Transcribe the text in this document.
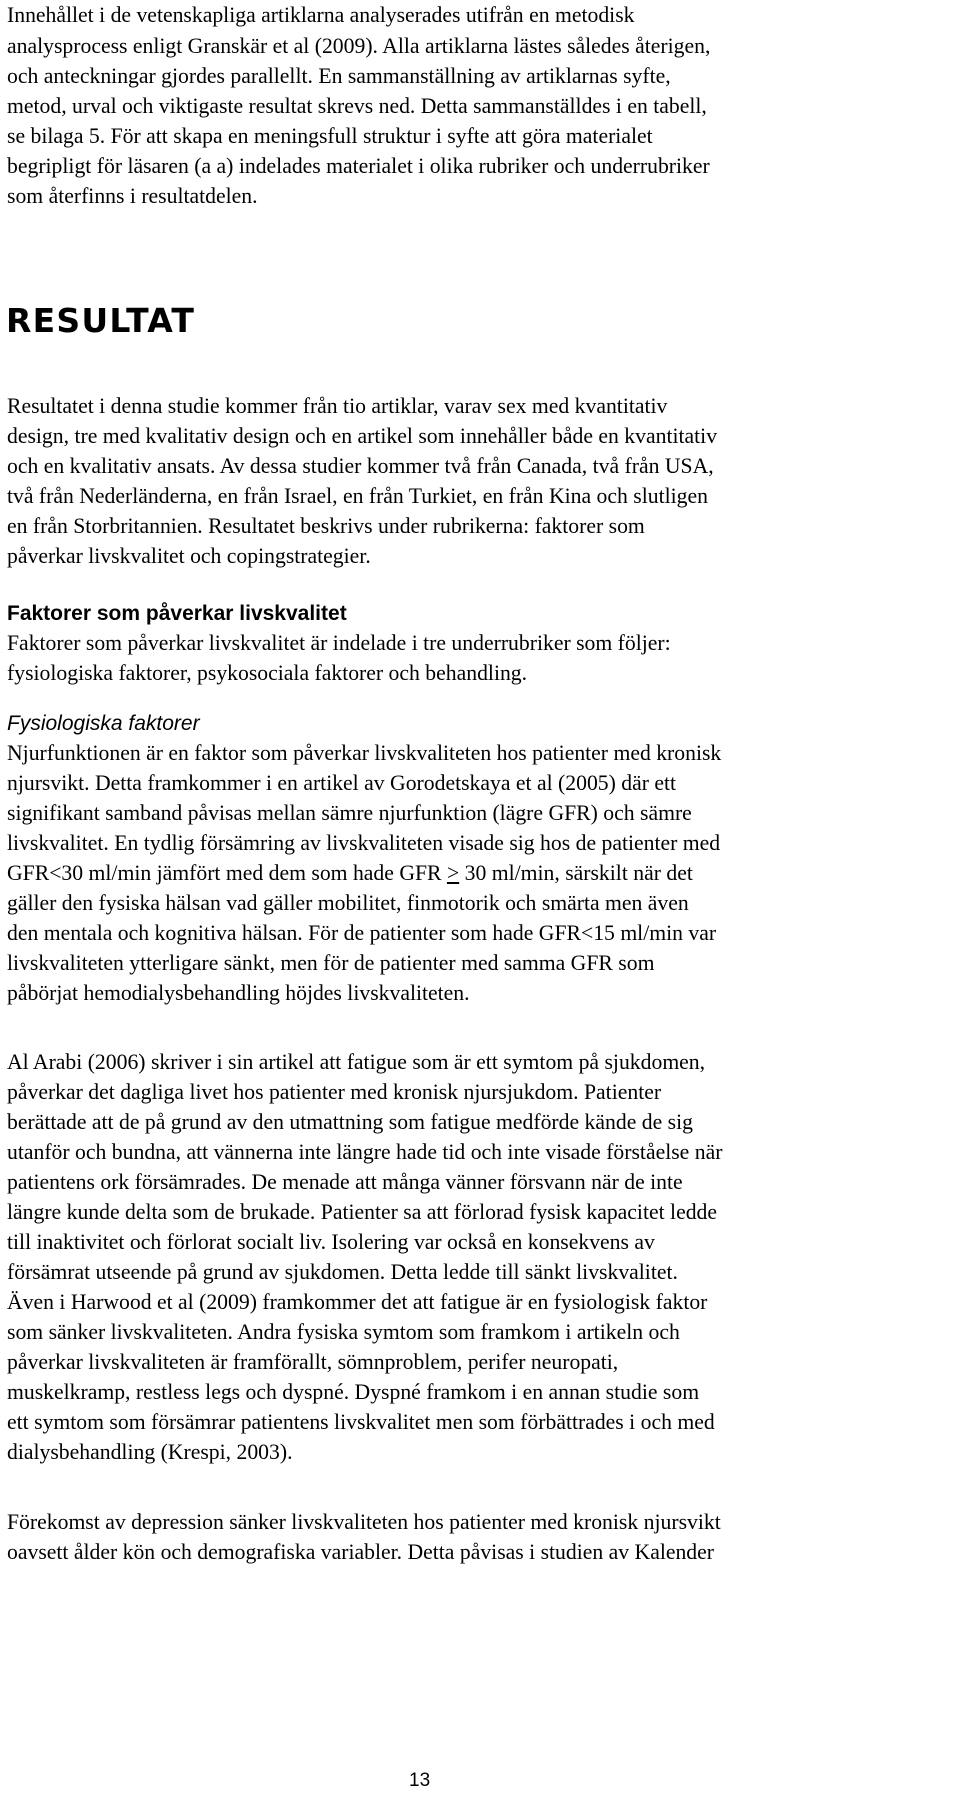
Innehållet i de vetenskapliga artiklarna analyserades utifrån en metodisk
analysprocess enligt Granskär et al (2009). Alla artiklarna lästes således återigen,
och anteckningar gjordes parallellt. En sammanställning av artiklarnas syfte,
metod, urval och viktigaste resultat skrevs ned. Detta sammanställdes i en tabell,
se bilaga 5. För att skapa en meningsfull struktur i syfte att göra materialet
begripligt för läsaren (a a) indelades materialet i olika rubriker och underrubriker
som återfinns i resultatdelen.
RESULTAT
Resultatet i denna studie kommer från tio artiklar, varav sex med kvantitativ
design, tre med kvalitativ design och en artikel som innehåller både en kvantitativ
och en kvalitativ ansats. Av dessa studier kommer två från Canada, två från USA,
två från Nederländerna, en från Israel, en från Turkiet, en från Kina och slutligen
en från Storbritannien. Resultatet beskrivs under rubrikerna: faktorer som
påverkar livskvalitet och copingstrategier.
Faktorer som påverkar livskvalitet
Faktorer som påverkar livskvalitet är indelade i tre underrubriker som följer:
fysiologiska faktorer, psykosociala faktorer och behandling.
Fysiologiska faktorer
Njurfunktionen är en faktor som påverkar livskvaliteten hos patienter med kronisk
njursvikt. Detta framkommer i en artikel av Gorodetskaya et al (2005) där ett
signifikant samband påvisas mellan sämre njurfunktion (lägre GFR) och sämre
livskvalitet. En tydlig försämring av livskvaliteten visade sig hos de patienter med
GFR<30 ml/min jämfört med dem som hade GFR ≥ 30 ml/min, särskilt när det
gäller den fysiska hälsan vad gäller mobilitet, finmotorik och smärta men även
den mentala och kognitiva hälsan. För de patienter som hade GFR<15 ml/min var
livskvaliteten ytterligare sänkt, men för de patienter med samma GFR som
påbörjat hemodialysbehandling höjdes livskvaliteten.
Al Arabi (2006) skriver i sin artikel att fatigue som är ett symtom på sjukdomen,
påverkar det dagliga livet hos patienter med kronisk njursjukdom. Patienter
berättade att de på grund av den utmattning som fatigue medförde kände de sig
utanför och bundna, att vännerna inte längre hade tid och inte visade förståelse när
patientens ork försämrades. De menade att många vänner försvann när de inte
längre kunde delta som de brukade. Patienter sa att förlorad fysisk kapacitet ledde
till inaktivitet och förlorat socialt liv. Isolering var också en konsekvens av
försämrat utseende på grund av sjukdomen. Detta ledde till sänkt livskvalitet.
Även i Harwood et al (2009) framkommer det att fatigue är en fysiologisk faktor
som sänker livskvaliteten. Andra fysiska symtom som framkom i artikeln och
påverkar livskvaliteten är framförallt, sömnproblem, perifer neuropati,
muskelkramp, restless legs och dyspné. Dyspné framkom i en annan studie som
ett symtom som försämrar patientens livskvalitet men som förbättrades i och med
dialysbehandling (Krespi, 2003).
Förekomst av depression sänker livskvaliteten hos patienter med kronisk njursvikt
oavsett ålder kön och demografiska variabler. Detta påvisas i studien av Kalender
13
